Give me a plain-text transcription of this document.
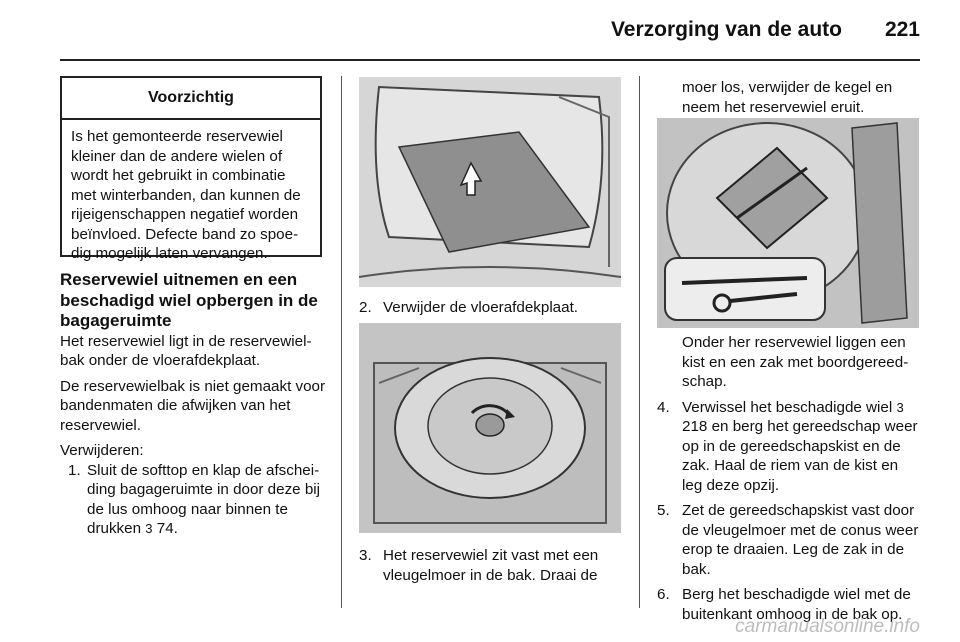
Verzorging van de auto 221
Voorzichtig
Is het gemonteerde reservewiel kleiner dan de andere wielen of wordt het gebruikt in combinatie met winterbanden, dan kunnen de rijeigenschappen negatief worden beïnvloed. Defecte band zo spoe-dig mogelijk laten vervangen.

Reservewiel uitnemen en een beschadigd wiel opbergen in de bagageruimte

Het reservewiel ligt in de reservewiel-bak onder de vloerafdekplaat.

De reservewielbak is niet gemaakt voor bandenmaten die afwijken van het reservewiel.

Verwijderen:

1. Sluit de softtop en klap de afschei-ding bagageruimte in door deze bij de lus omhoog naar binnen te drukken 3 74.
2. Verwijder de vloerafdekplaat.
3. Het reservewiel zit vast met een vleugelmoer in de bak. Draai de

moer los, verwijder de kegel en neem het reservewiel eruit.

Onder her reservewiel liggen een kist en een zak met boordgereed-schap.

4. Verwissel het beschadigde wiel 3 218 en berg het gereedschap weer op in de gereedschapskist en de zak. Haal de riem van de kist en leg deze opzij.
5. Zet de gereedschapskist vast door de vleugelmoer met de conus weer erop te draaien. Leg de zak in de bak.
6. Berg het beschadigde wiel met de buitenkant omhoog in de bak op.
carmanualsonline.info
